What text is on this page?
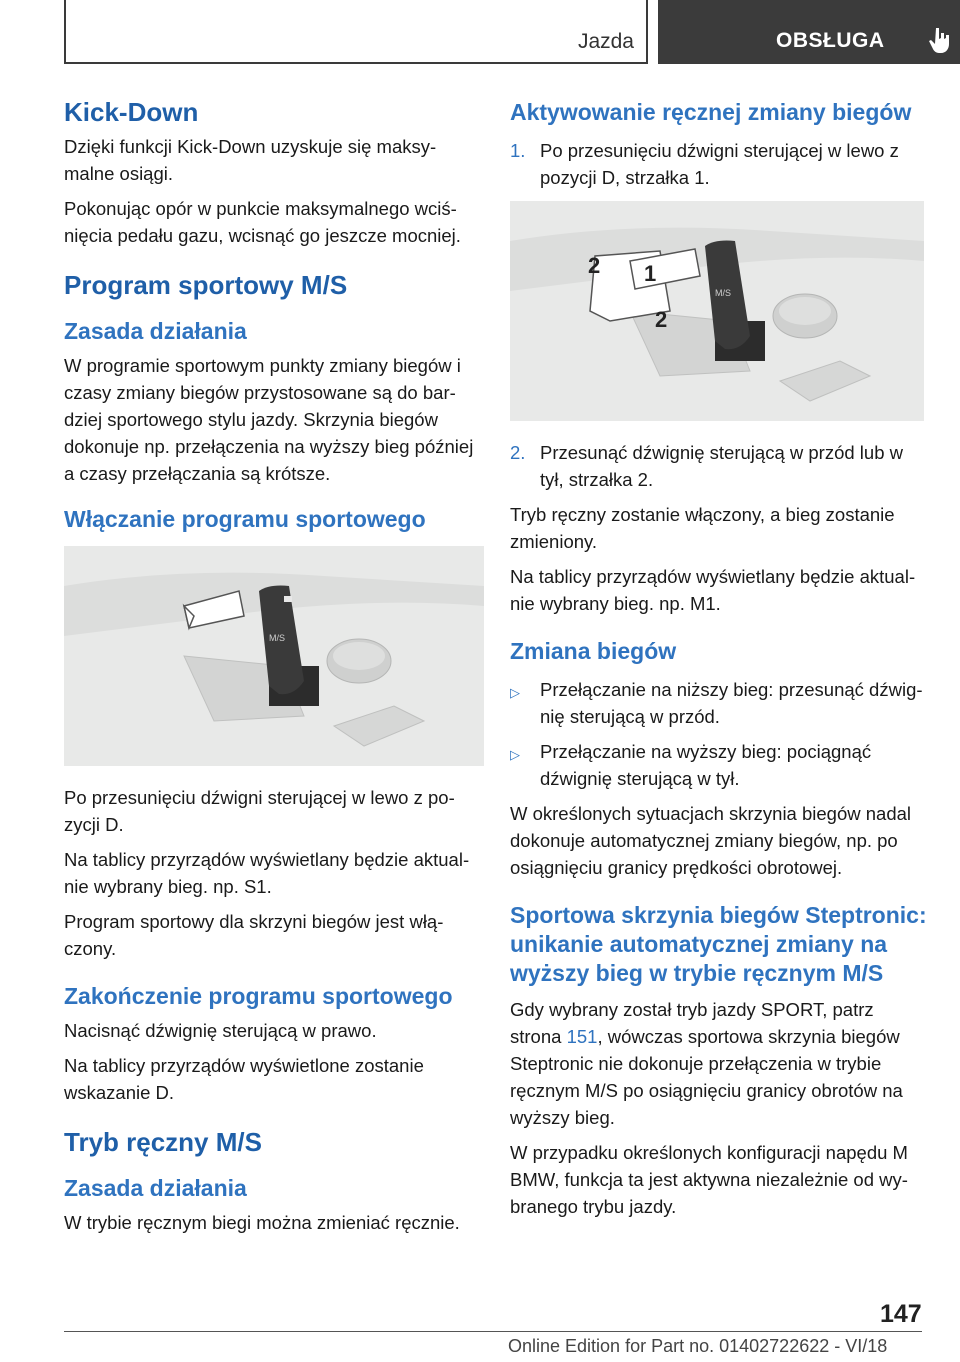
Jazda	OBSŁUGA
Kick-Down

Dzięki funkcji Kick-Down uzyskuje się maksy-malne osiągi.

Pokonując opór w punkcie maksymalnego wciś-nięcia pedału gazu, wcisnąć go jeszcze mocniej.

Program sportowy M/S
Zasada działania

W programie sportowym punkty zmiany biegów i czasy zmiany biegów przystosowane są do bar-dziej sportowego stylu jazdy. Skrzynia biegów dokonuje np. przełączenia na wyższy bieg później a czasy przełączania są krótsze.

Włączanie programu sportowego
M/S

Po przesunięciu dźwigni sterującej w lewo z po-zycji D.

Na tablicy przyrządów wyświetlany będzie aktual-nie wybrany bieg. np. S1.

Program sportowy dla skrzyni biegów jest włą-czony.

Zakończenie programu sportowego

Nacisnąć dźwignię sterującą w prawo.

Na tablicy przyrządów wyświetlone zostanie wskazanie D.

Tryb ręczny M/S
Zasada działania

W trybie ręcznym biegi można zmieniać ręcznie.

Aktywowanie ręcznej zmiany biegów
1. Po przesunięciu dźwigni sterującej w lewo z pozycji D, strzałka 1.
M/S
2 1
2
2. Przesunąć dźwignię sterującą w przód lub w tył, strzałka 2.

Tryb ręczny zostanie włączony, a bieg zostanie zmieniony.

Na tablicy przyrządów wyświetlany będzie aktual-nie wybrany bieg. np. M1.

Zmiana biegów
▷	Przełączanie na niższy bieg: przesunąć dźwig-nię sterującą w przód.
▷	Przełączanie na wyższy bieg: pociągnąć dźwignię sterującą w tył.

W określonych sytuacjach skrzynia biegów nadal dokonuje automatycznej zmiany biegów, np. po osiągnięciu granicy prędkości obrotowej.

Sportowa skrzynia biegów Steptronic: unikanie automatycznej zmiany na wyższy bieg w trybie ręcznym M/S

Gdy wybrany został tryb jazdy SPORT, patrz strona 151, wówczas sportowa skrzynia biegów Steptronic nie dokonuje przełączenia w trybie ręcznym M/S po osiągnięciu granicy obrotów na wyższy bieg.

W przypadku określonych konfiguracji napędu M BMW, funkcja ta jest aktywna niezależnie od wy-branego trybu jazdy.

147
Online Edition for Part no. 01402722622 - VI/18
